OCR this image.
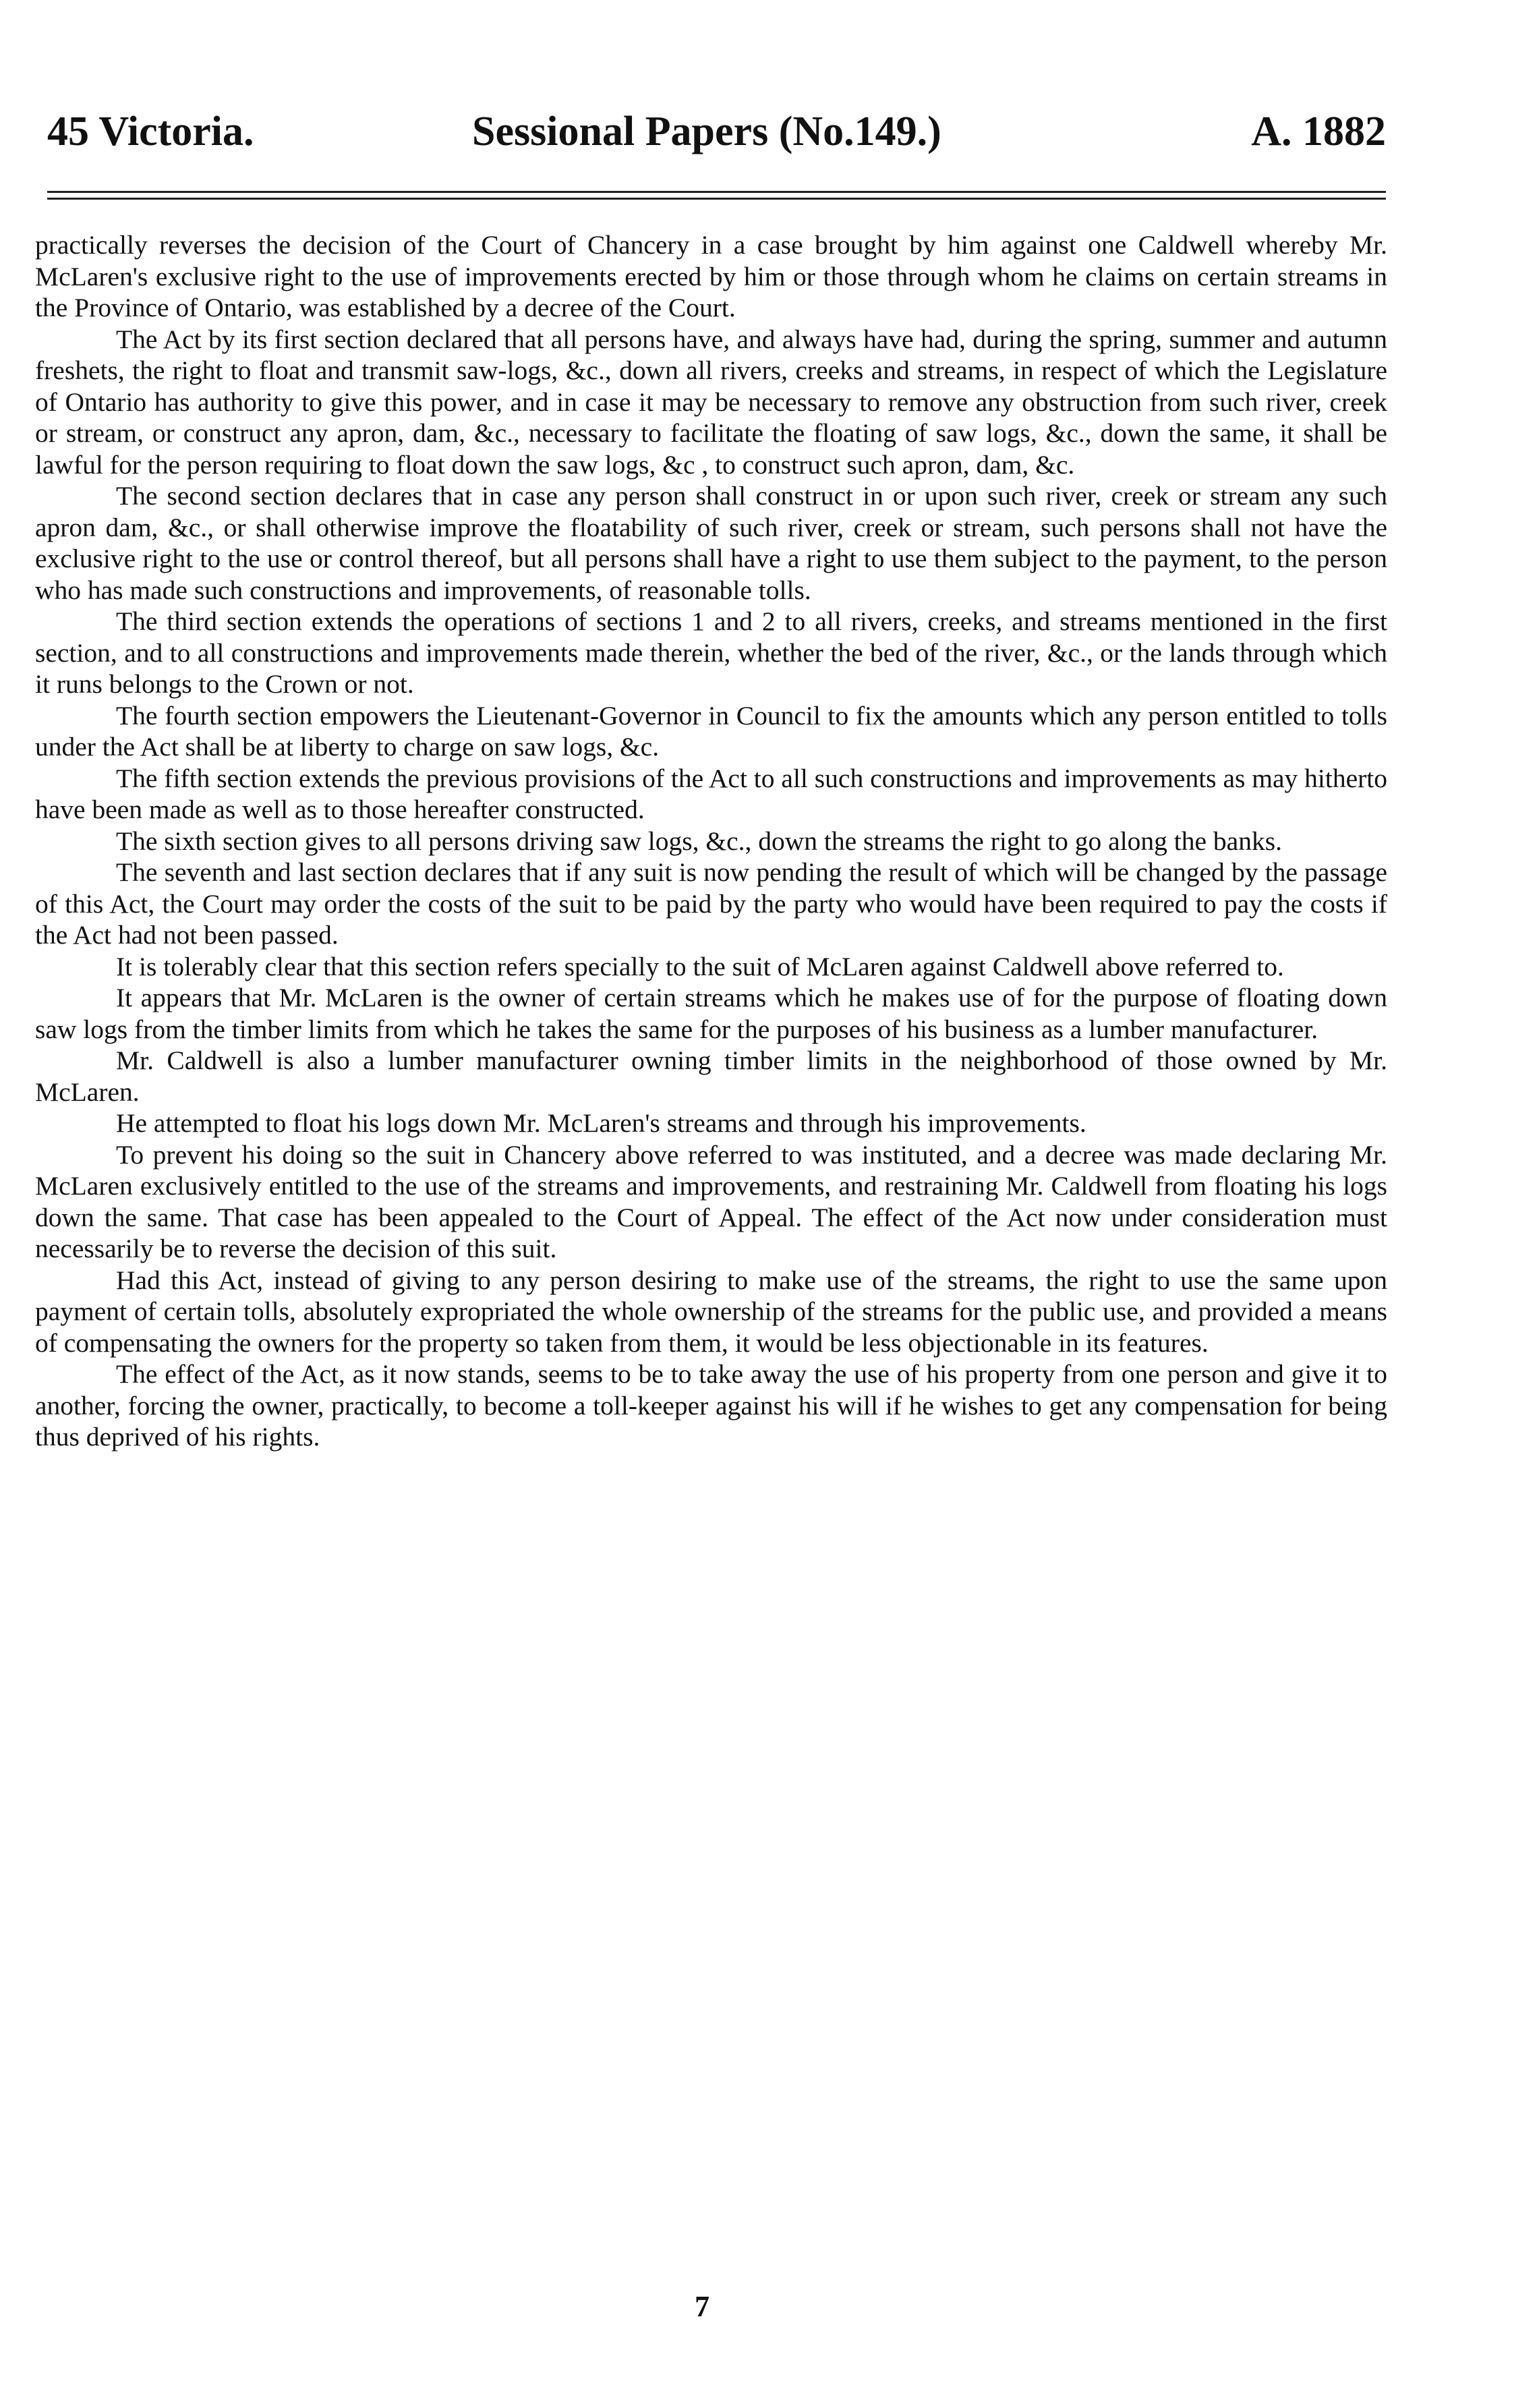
45 Victoria.	Sessional Papers (No.149.)	A. 1882

practically reverses the decision of the Court of Chancery in a case brought by him against one Caldwell whereby Mr. McLaren's exclusive right to the use of improvements erected by him or those through whom he claims on certain streams in the Province of Ontario, was established by a decree of the Court.

The Act by its first section declared that all persons have, and always have had, during the spring, summer and autumn freshets, the right to float and transmit saw-logs, &c., down all rivers, creeks and streams, in respect of which the Legislature of Ontario has authority to give this power, and in case it may be necessary to remove any obstruction from such river, creek or stream, or construct any apron, dam, &c., necessary to facilitate the floating of saw logs, &c., down the same, it shall be lawful for the person requiring to float down the saw logs, &c , to construct such apron, dam, &c.

The second section declares that in case any person shall construct in or upon such river, creek or stream any such apron dam, &c., or shall otherwise improve the floatability of such river, creek or stream, such persons shall not have the exclusive right to the use or control thereof, but all persons shall have a right to use them subject to the payment, to the person who has made such constructions and improvements, of reasonable tolls.

The third section extends the operations of sections 1 and 2 to all rivers, creeks, and streams mentioned in the first section, and to all constructions and improvements made therein, whether the bed of the river, &c., or the lands through which it runs belongs to the Crown or not.

The fourth section empowers the Lieutenant-Governor in Council to fix the amounts which any person entitled to tolls under the Act shall be at liberty to charge on saw logs, &c.

The fifth section extends the previous provisions of the Act to all such constructions and improvements as may hitherto have been made as well as to those hereafter constructed.

The sixth section gives to all persons driving saw logs, &c., down the streams the right to go along the banks.

The seventh and last section declares that if any suit is now pending the result of which will be changed by the passage of this Act, the Court may order the costs of the suit to be paid by the party who would have been required to pay the costs if the Act had not been passed.

It is tolerably clear that this section refers specially to the suit of McLaren against Caldwell above referred to.

It appears that Mr. McLaren is the owner of certain streams which he makes use of for the purpose of floating down saw logs from the timber limits from which he takes the same for the purposes of his business as a lumber manufacturer.

Mr. Caldwell is also a lumber manufacturer owning timber limits in the neighborhood of those owned by Mr. McLaren.

He attempted to float his logs down Mr. McLaren's streams and through his improvements.

To prevent his doing so the suit in Chancery above referred to was instituted, and a decree was made declaring Mr. McLaren exclusively entitled to the use of the streams and improvements, and restraining Mr. Caldwell from floating his logs down the same. That case has been appealed to the Court of Appeal. The effect of the Act now under consideration must necessarily be to reverse the decision of this suit.

Had this Act, instead of giving to any person desiring to make use of the streams, the right to use the same upon payment of certain tolls, absolutely expropriated the whole ownership of the streams for the public use, and provided a means of compensating the owners for the property so taken from them, it would be less objectionable in its features.

The effect of the Act, as it now stands, seems to be to take away the use of his property from one person and give it to another, forcing the owner, practically, to become a toll-keeper against his will if he wishes to get any compensation for being thus deprived of his rights.

7
